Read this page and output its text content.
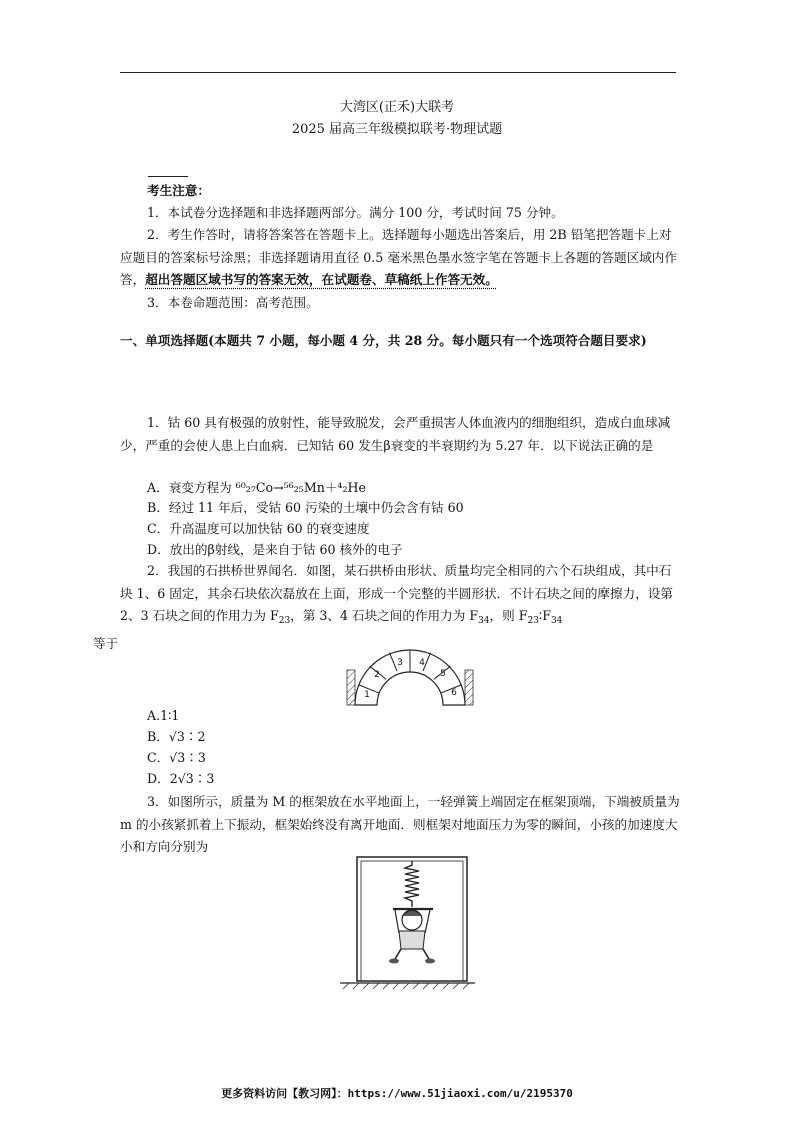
大湾区(正禾)大联考
2025 届高三年级模拟联考·物理试题
考生注意：
1．本试卷分选择题和非选择题两部分。满分 100 分，考试时间 75 分钟。
2．考生作答时，请将答案答在答题卡上。选择题每小题选出答案后，用 2B 铅笔把答题卡上对应题目的答案标号涂黑；非选择题请用直径 0.5 毫米黑色墨水签字笔在答题卡上各题的答题区域内作答，超出答题区域书写的答案无效，在试题卷、草稿纸上作答无效。
3．本卷命题范围：高考范围。
一、单项选择题(本题共 7 小题，每小题 4 分，共 28 分。每小题只有一个选项符合题目要求)
1．钴 60 具有极强的放射性，能导致脱发，会严重损害人体血液内的细胞组织，造成白血球减少，严重的会使人患上白血病．已知钴 60 发生β衰变的半衰期约为 5.27 年．以下说法正确的是
A．衰变方程为 ⁶⁰₂₇Co→⁵⁶₂₅Mn＋⁴₂He
B．经过 11 年后，受钴 60 污染的土壤中仍会含有钴 60
C．升高温度可以加快钴 60 的衰变速度
D．放出的β射线，是来自于钴 60 核外的电子
2．我国的石拱桥世界闻名．如图，某石拱桥由形状、质量均完全相同的六个石块组成，其中石块 1、6 固定，其余石块依次磊放在上面，形成一个完整的半圆形状．不计石块之间的摩擦力，设第 2、3 石块之间的作用力为 $F_{23}$，第 3、4 石块之间的作用力为 $F_{34}$，则 $F_{23}∶F_{34}$
等于
1
2
3 4
5
6
A.1∶1
B．√3∶2
C．√3∶3
D．2√3∶3
3．如图所示，质量为 M 的框架放在水平地面上，一轻弹簧上端固定在框架顶端，下端被质量为 m 的小孩紧抓着上下振动，框架始终没有离开地面．则框架对地面压力为零的瞬间，小孩的加速度大小和方向分别为
更多资料访问【教习网】：https://www.51jiaoxi.com/u/2195370
